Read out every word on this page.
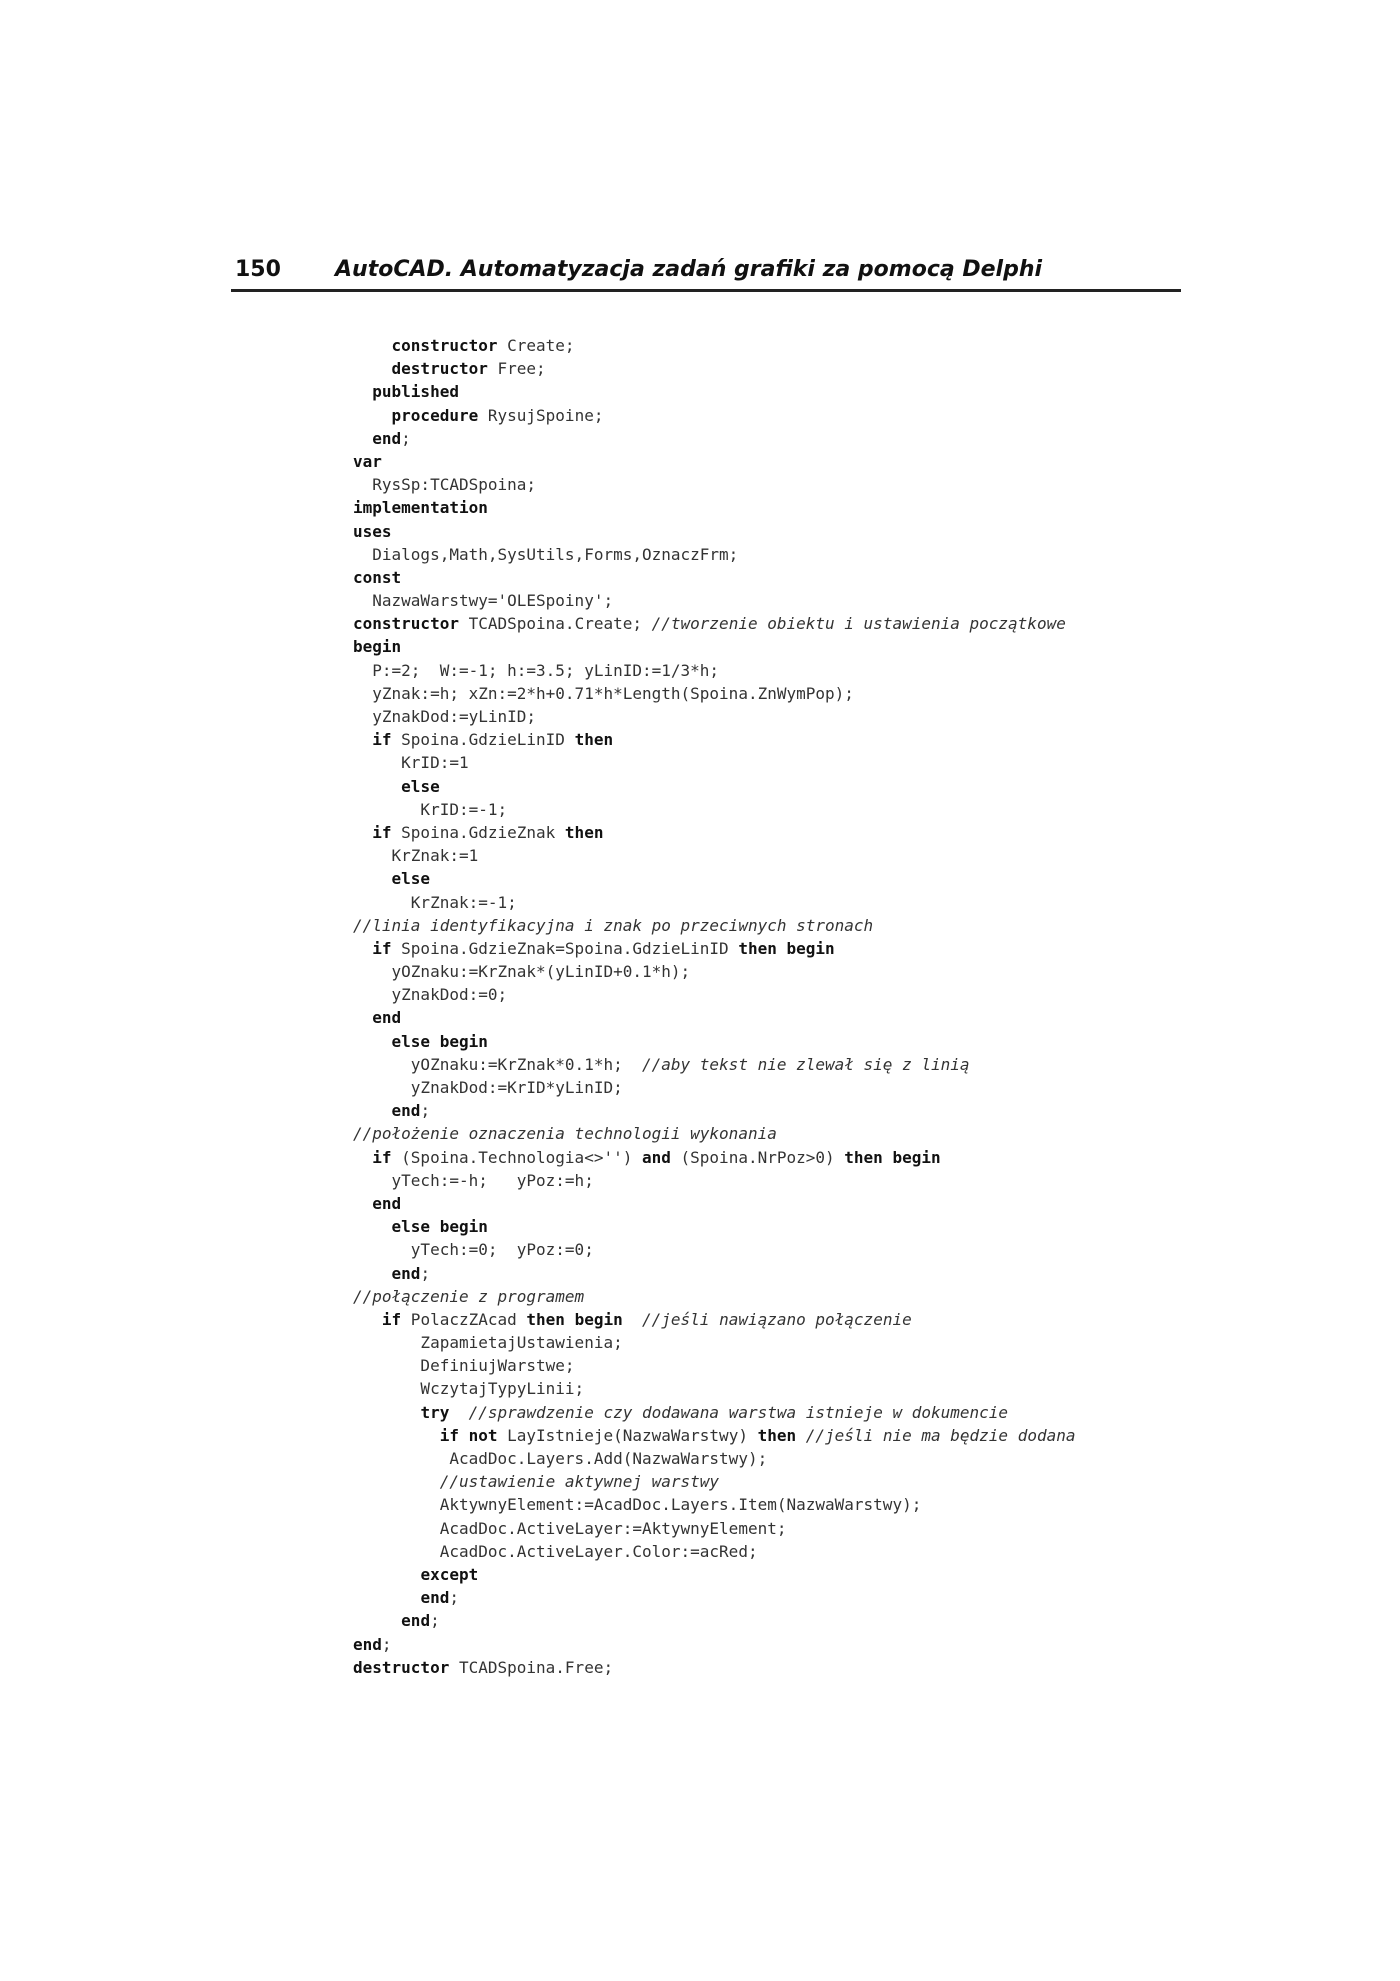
150 AutoCAD. Automatyzacja zadań grafiki za pomocą Delphi
constructor Create;
destructor Free;
published
procedure RysujSpoine;
end;
var
RysSp:TCADSpoina;
implementation
uses
Dialogs,Math,SysUtils,Forms,OznaczFrm;
const
NazwaWarstwy='OLESpoiny';
constructor TCADSpoina.Create; //tworzenie obiektu i ustawienia początkowe
begin
P:=2;  W:=-1; h:=3.5; yLinID:=1/3*h;
yZnak:=h; xZn:=2*h+0.71*h*Length(Spoina.ZnWymPop);
yZnakDod:=yLinID;
if Spoina.GdzieLinID then
KrID:=1
else
KrID:=-1;
if Spoina.GdzieZnak then
KrZnak:=1
else
KrZnak:=-1;
//linia identyfikacyjna i znak po przeciwnych stronach
if Spoina.GdzieZnak=Spoina.GdzieLinID then begin
yOZnaku:=KrZnak*(yLinID+0.1*h);
yZnakDod:=0;
end
else begin
yOZnaku:=KrZnak*0.1*h;  //aby tekst nie zlewał się z linią
yZnakDod:=KrID*yLinID;
end;
//położenie oznaczenia technologii wykonania
if (Spoina.Technologia<>'') and (Spoina.NrPoz>0) then begin
yTech:=-h;   yPoz:=h;
end
else begin
yTech:=0;  yPoz:=0;
end;
//połączenie z programem
if PolaczZAcad then begin //jeśli nawiązano połączenie
ZapamietajUstawienia;
DefiniujWarstwe;
WczytajTypyLinii;
try //sprawdzenie czy dodawana warstwa istnieje w dokumencie
if not LayIstnieje(NazwaWarstwy) then //jeśli nie ma będzie dodana
AcadDoc.Layers.Add(NazwaWarstwy);
//ustawienie aktywnej warstwy
AktywnyElement:=AcadDoc.Layers.Item(NazwaWarstwy);
AcadDoc.ActiveLayer:=AktywnyElement;
AcadDoc.ActiveLayer.Color:=acRed;
except
end;
end;
end;
destructor TCADSpoina.Free;
